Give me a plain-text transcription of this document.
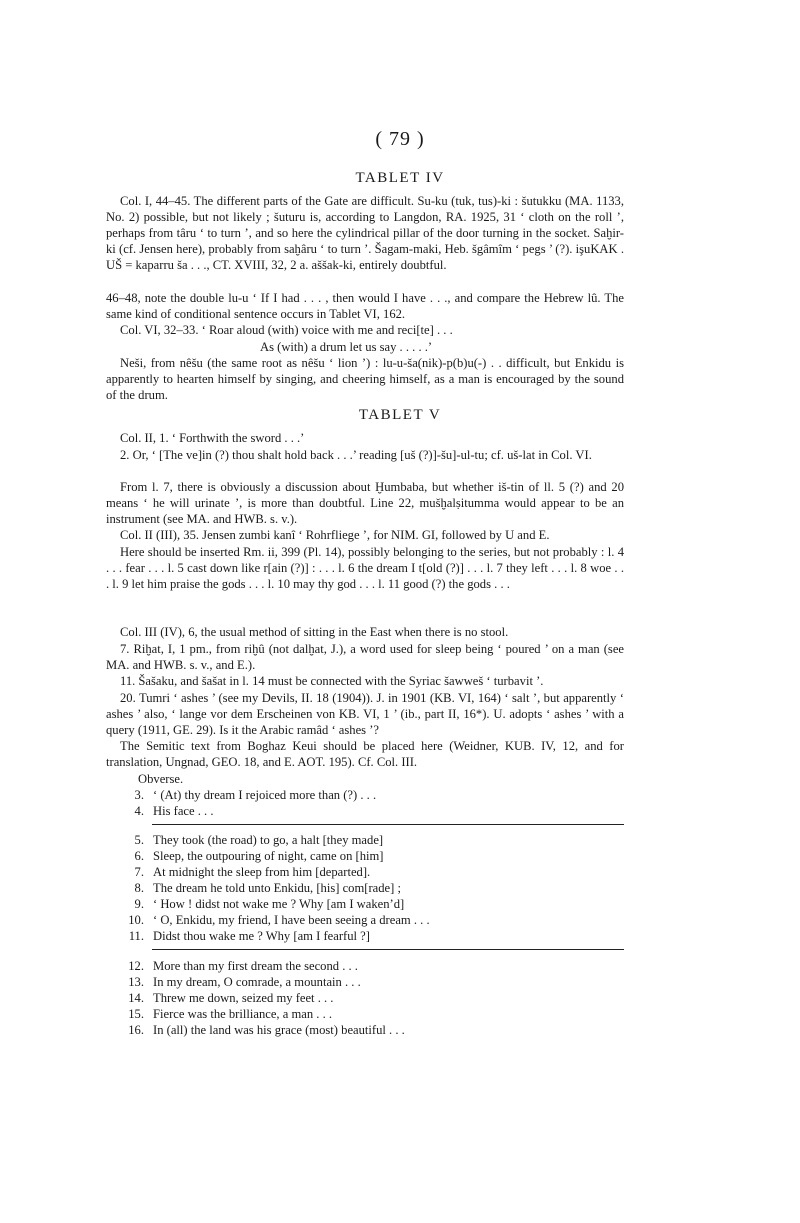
( 79 )
TABLET IV
Col. I, 44–45. The different parts of the Gate are difficult. Su-ku (tuk, tus)-ki : šutukku (MA. 1133, No. 2) possible, but not likely ; šuturu is, according to Langdon, RA. 1925, 31 ‘ cloth on the roll ’, perhaps from târu ‘ to turn ’, and so here the cylindrical pillar of the door turning in the socket. Saḫir-ki (cf. Jensen here), probably from saḫâru ‘ to turn ’. Šagam-maki, Heb. šgâmîm ‘ pegs ’ (?). işuKAK . UŠ = kaparru ša . . ., CT. XVIII, 32, 2 a. aššak-ki, entirely doubtful.
46–48, note the double lu-u ‘ If I had . . . , then would I have . . ., and compare the Hebrew lû. The same kind of conditional sentence occurs in Tablet VI, 162.
Col. VI, 32–33. ‘ Roar aloud (with) voice with me and reci[te] . . .
As (with) a drum let us say . . . . .’
Neši, from nêšu (the same root as nêšu ‘ lion ’) : lu-u-ša(nik)-p(b)u(-) . . difficult, but Enkidu is apparently to hearten himself by singing, and cheering himself, as a man is encouraged by the sound of the drum.
TABLET V
Col. II, 1. ‘ Forthwith the sword . . .’
2. Or, ‘ [The ve]in (?) thou shalt hold back . . .’ reading [uš (?)]-šu]-ul-tu; cf. uš-lat in Col. VI.
From l. 7, there is obviously a discussion about Ḫumbaba, but whether iš-tin of ll. 5 (?) and 20 means ‘ he will urinate ’, is more than doubtful. Line 22, mušḫalṣitumma would appear to be an instrument (see MA. and HWB. s. v.).
Col. II (III), 35. Jensen zumbi kanî ‘ Rohrfliege ’, for NIM. GI, followed by U and E.
Here should be inserted Rm. ii, 399 (Pl. 14), possibly belonging to the series, but not probably : l. 4 . . . fear . . . l. 5 cast down like r[ain (?)] : . . . l. 6 the dream I t[old (?)] . . . l. 7 they left . . . l. 8 woe . . . l. 9 let him praise the gods . . . l. 10 may thy god . . . l. 11 good (?) the gods . . .
Col. III (IV), 6, the usual method of sitting in the East when there is no stool.
7. Riḫat, I, 1 pm., from riḫû (not dalḫat, J.), a word used for sleep being ‘ poured ’ on a man (see MA. and HWB. s. v., and E.).
11. Šašaku, and šašat in l. 14 must be connected with the Syriac šawweš ‘ turbavit ’.
20. Tumri ‘ ashes ’ (see my Devils, II. 18 (1904)). J. in 1901 (KB. VI, 164) ‘ salt ’, but apparently ‘ ashes ’ also, ‘ lange vor dem Erscheinen von KB. VI, 1 ’ (ib., part II, 16*). U. adopts ‘ ashes ’ with a query (1911, GE. 29). Is it the Arabic ramâd ‘ ashes ’?
The Semitic text from Boghaz Keui should be placed here (Weidner, KUB. IV, 12, and for translation, Ungnad, GEO. 18, and E. AOT. 195). Cf. Col. III.
Obverse.
3. ‘ (At) thy dream I rejoiced more than (?) . . .
4. His face . . .
5. They took (the road) to go, a halt [they made]
6. Sleep, the outpouring of night, came on [him]
7. At midnight the sleep from him [departed].
8. The dream he told unto Enkidu, [his] com[rade] ;
9. ‘ How ! didst not wake me ? Why [am I waken’d]
10. ‘ O, Enkidu, my friend, I have been seeing a dream . . .
11. Didst thou wake me ? Why [am I fearful ?]
12. More than my first dream the second . . .
13. In my dream, O comrade, a mountain . . .
14. Threw me down, seized my feet . . .
15. Fierce was the brilliance, a man . . .
16. In (all) the land was his grace (most) beautiful . . .
